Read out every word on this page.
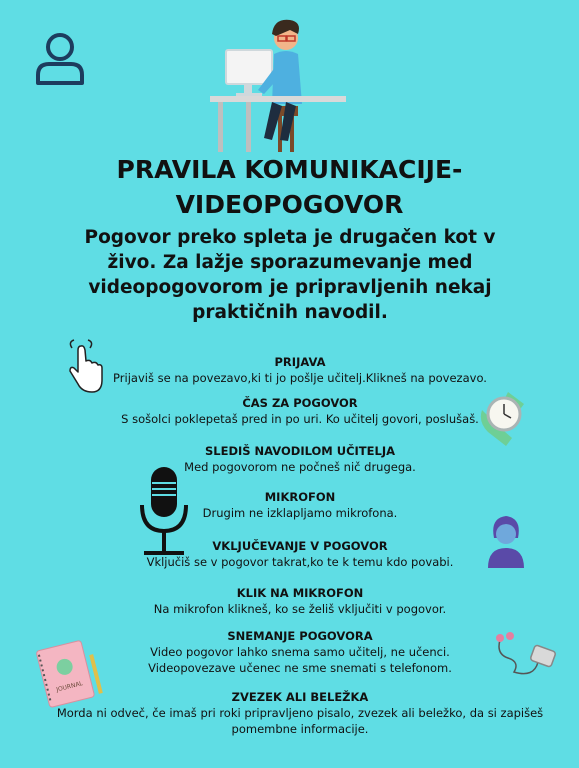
PRAVILA KOMUNIKACIJE-
VIDEOPOGOVOR
Pogovor preko spleta je drugačen kot v
živo. Za lažje sporazumevanje med
videopogovorom je pripravljenih nekaj
praktičnih navodil.
PRIJAVA
Prijaviš se na povezavo,ki ti jo pošlje učitelj.Klikneš na povezavo.
ČAS ZA POGOVOR
S sošolci poklepetaš pred in po uri. Ko učitelj govori, poslušaš.
SLEDIŠ NAVODILOM UČITELJA
Med pogovorom ne počneš nič drugega.
MIKROFON
Drugim ne izklapljamo mikrofona.
VKLJUČEVANJE V POGOVOR
Vključiš se v pogovor takrat,ko te k temu kdo povabi.
KLIK NA MIKROFON
Na mikrofon klikneš, ko se želiš vključiti v pogovor.
SNEMANJE POGOVORA
Video pogovor lahko snema samo učitelj, ne učenci.
Videopovezave učenec ne sme snemati s telefonom.
ZVEZEK ALI BELEŽKA
Morda ni odveč, če imaš pri roki pripravljeno pisalo, zvezek ali beležko, da si zapišeš
pomembne informacije.
JOURNAL
